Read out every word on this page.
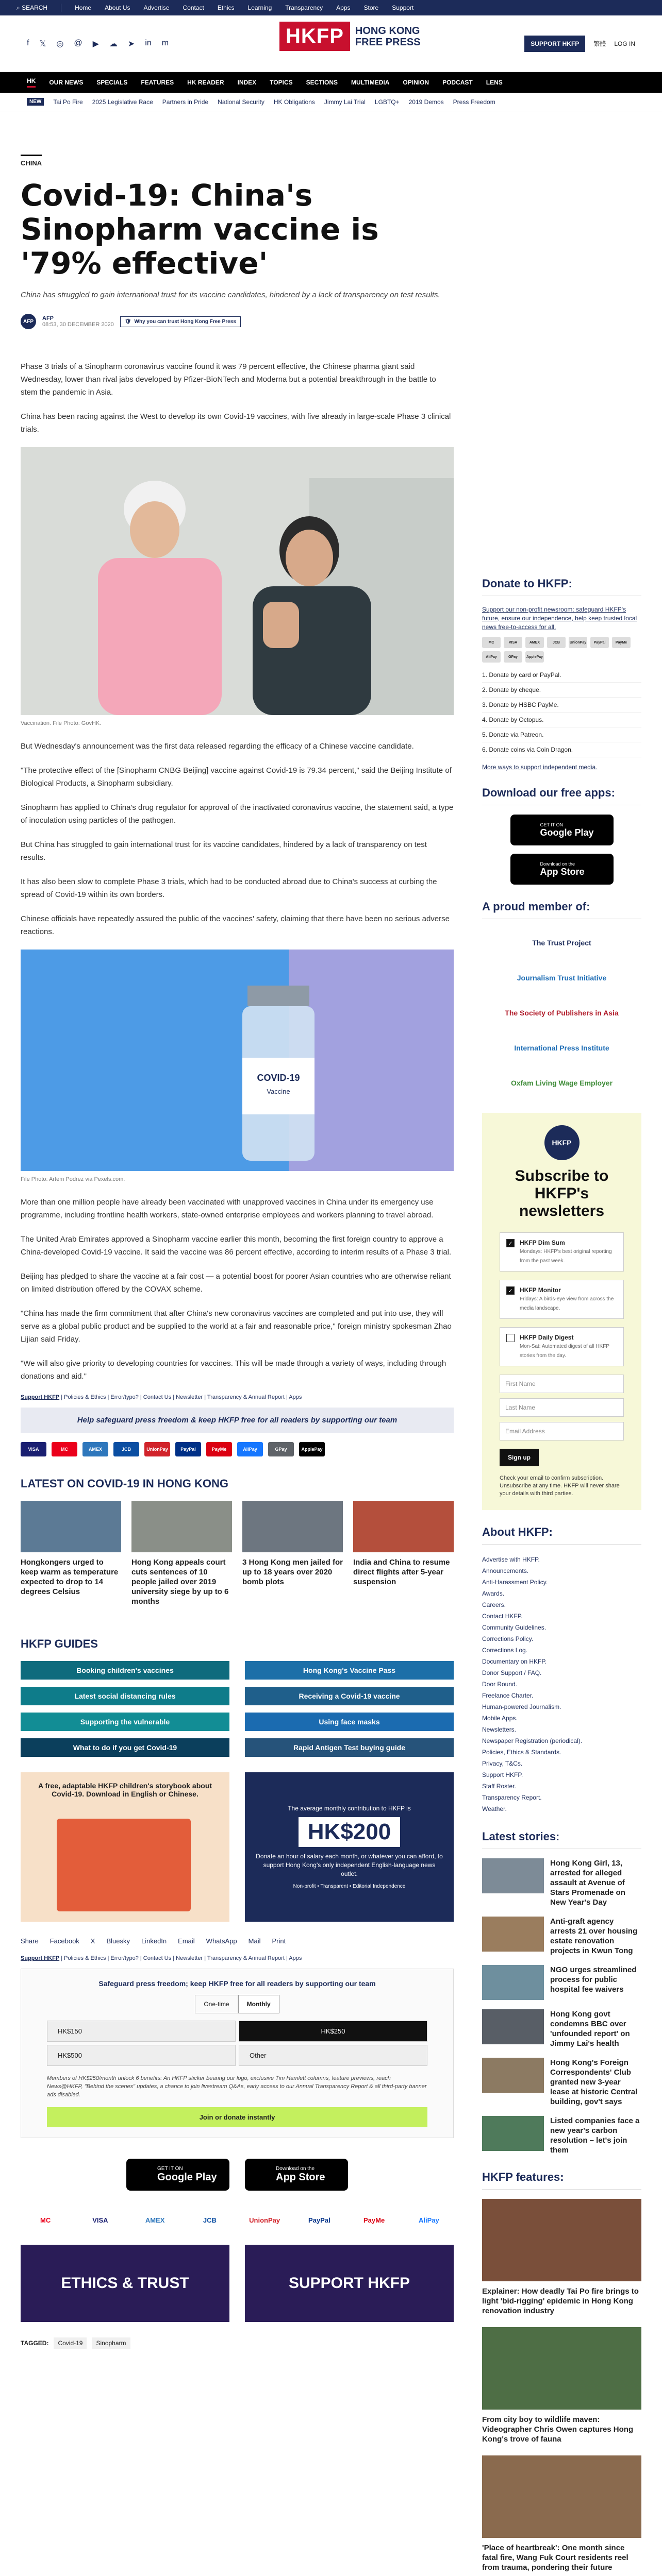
⌕ SEARCH	Home About Us Advertise Contact Ethics Learning Transparency Apps Store Support
f 𝕏 ◎ @ ▶ ☁ ➤ in m	HKFP	HONG KONG
FREE PRESS	SUPPORT HKFP	繁體 LOG IN
HK OUR NEWS SPECIALS FEATURES HK READER INDEX TOPICS SECTIONS MULTIMEDIA OPINION PODCAST LENS
NEW	Tai Po Fire 2025 Legislative Race Partners in Pride National Security HK Obligations Jimmy Lai Trial LGBTQ+ 2019 Demos Press Freedom
CHINA
Covid-19: China's Sinopharm vaccine is '79% effective'
China has struggled to gain international trust for its vaccine candidates, hindered by a lack of transparency on test results.
AFP	AFP
08:53, 30 DECEMBER 2020 🛡 Why you can trust Hong Kong Free Press

Phase 3 trials of a Sinopharm coronavirus vaccine found it was 79 percent effective, the Chinese pharma giant said Wednesday, lower than rival jabs developed by Pfizer-BioNTech and Moderna but a potential breakthrough in the battle to stem the pandemic in Asia.

China has been racing against the West to develop its own Covid-19 vaccines, with five already in large-scale Phase 3 clinical trials.

Vaccination. File Photo: GovHK.

But Wednesday's announcement was the first data released regarding the efficacy of a Chinese vaccine candidate.

"The protective effect of the [Sinopharm CNBG Beijing] vaccine against Covid-19 is 79.34 percent," said the Beijing Institute of Biological Products, a Sinopharm subsidiary.

Sinopharm has applied to China's drug regulator for approval of the inactivated coronavirus vaccine, the statement said, a type of inoculation using particles of the pathogen.

But China has struggled to gain international trust for its vaccine candidates, hindered by a lack of transparency on test results.

It has also been slow to complete Phase 3 trials, which had to be conducted abroad due to China's success at curbing the spread of Covid-19 within its own borders.

Chinese officials have repeatedly assured the public of the vaccines' safety, claiming that there have been no serious adverse reactions.

COVID-19
Vaccine
File Photo: Artem Podrez via Pexels.com.

More than one million people have already been vaccinated with unapproved vaccines in China under its emergency use programme, including frontline health workers, state-owned enterprise employees and workers planning to travel abroad.

The United Arab Emirates approved a Sinopharm vaccine earlier this month, becoming the first foreign country to approve a China-developed Covid-19 vaccine. It said the vaccine was 86 percent effective, according to interim results of a Phase 3 trial.

Beijing has pledged to share the vaccine at a fair cost — a potential boost for poorer Asian countries who are otherwise reliant on limited distribution offered by the COVAX scheme.

"China has made the firm commitment that after China's new coronavirus vaccines are completed and put into use, they will serve as a global public product and be supplied to the world at a fair and reasonable price," foreign ministry spokesman Zhao Lijian said Friday.

"We will also give priority to developing countries for vaccines. This will be made through a variety of ways, including through donations and aid."

Support HKFP | Policies & Ethics | Error/typo? | Contact Us | Newsletter | Transparency & Annual Report | Apps
Help safeguard press freedom & keep HKFP free for all readers by supporting our team
VISA	MC	AMEX	JCB	UnionPay	PayPal	PayMe	AliPay	GPay	ApplePay
LATEST ON COVID-19 IN HONG KONG
Hongkongers urged to keep warm as temperature expected to drop to 14 degrees Celsius
Hong Kong appeals court cuts sentences of 10 people jailed over 2019 university siege by up to 6 months
3 Hong Kong men jailed for up to 18 years over 2020 bomb plots
India and China to resume direct flights after 5-year suspension
HKFP GUIDES
Booking children's vaccines	Hong Kong's Vaccine Pass
Latest social distancing rules	Receiving a Covid-19 vaccine
Supporting the vulnerable	Using face masks
What to do if you get Covid-19	Rapid Antigen Test buying guide
A free, adaptable HKFP children's storybook about Covid-19. Download in English or Chinese.
The average monthly contribution to HKFP is
HK$200
Donate an hour of salary each month, or whatever you can afford, to support Hong Kong's only independent English-language news outlet.
Non-profit • Transparent • Editorial Independence
Share Facebook X Bluesky LinkedIn Email WhatsApp Mail Print
Support HKFP | Policies & Ethics | Error/typo? | Contact Us | Newsletter | Transparency & Annual Report | Apps
Safeguard press freedom; keep HKFP free for all readers by supporting our team
One-time	Monthly
HK$150	HK$250
HK$500	Other
Members of HK$250/month unlock 6 benefits: An HKFP sticker bearing our logo, exclusive Tim Hamlett columns, feature previews, reach News@HKFP, "Behind the scenes" updates, a chance to join livestream Q&As, early access to our Annual Transparency Report & all third-party banner ads disabled.
Join or donate instantly
GET IT ON
Google Play
Download on the
App Store
MC	VISA	AMEX	JCB	UnionPay	PayPal	PayMe	AliPay
ETHICS & TRUST	SUPPORT HKFP
TAGGED:	Covid-19	Sinopharm
Donate to HKFP:

Support our non-profit newsroom: safeguard HKFP's future, ensure our independence, help keep trusted local news free-to-access for all.

MC	VISA	AMEX	JCB	UnionPay	PayPal	PayMe
AliPay	GPay	ApplePay
1. Donate by card or PayPal.
2. Donate by cheque.
3. Donate by HSBC PayMe.
4. Donate by Octopus.
5. Donate via Patreon.
6. Donate coins via Coin Dragon.
More ways to support independent media.
Download our free apps:
GET IT ON
Google Play
Download on the
App Store
A proud member of:
The Trust Project
Journalism Trust Initiative
The Society of Publishers in Asia
International Press Institute
Oxfam Living Wage Employer
HKFP
Subscribe to HKFP's newsletters
✓ HKFP Dim Sum
Mondays: HKFP's best original reporting from the past week.
✓ HKFP Monitor
Fridays: A birds-eye view from across the media landscape.
HKFP Daily Digest
Mon-Sat: Automated digest of all HKFP stories from the day.
First Name
Last Name
Email Address
Sign up
Check your email to confirm subscription. Unsubscribe at any time. HKFP will never share your details with third parties.
About HKFP:
Advertise with HKFP.
Announcements.
Anti-Harassment Policy.
Awards.
Careers.
Contact HKFP.
Community Guidelines.
Corrections Policy.
Corrections Log.
Documentary on HKFP.
Donor Support / FAQ.
Door Round.
Freelance Charter.
Human-powered Journalism.
Mobile Apps.
Newsletters.
Newspaper Registration (periodical).
Policies, Ethics & Standards.
Privacy, T&Cs.
Support HKFP.
Staff Roster.
Transparency Report.
Weather.
Latest stories:
Hong Kong Girl, 13, arrested for alleged assault at Avenue of Stars Promenade on New Year's Day
Anti-graft agency arrests 21 over housing estate renovation projects in Kwun Tong
NGO urges streamlined process for public hospital fee waivers
Hong Kong govt condemns BBC over 'unfounded report' on Jimmy Lai's health
Hong Kong's Foreign Correspondents' Club granted new 3-year lease at historic Central building, gov't says
Listed companies face a new year's carbon resolution – let's join them
HKFP features:
Explainer: How deadly Tai Po fire brings to light 'bid-rigging' epidemic in Hong Kong renovation industry
From city boy to wildlife maven: Videographer Chris Owen captures Hong Kong's trove of fauna
'Place of heartbreak': One month since fatal fire, Wang Fuk Court residents reel from trauma, pondering their future
